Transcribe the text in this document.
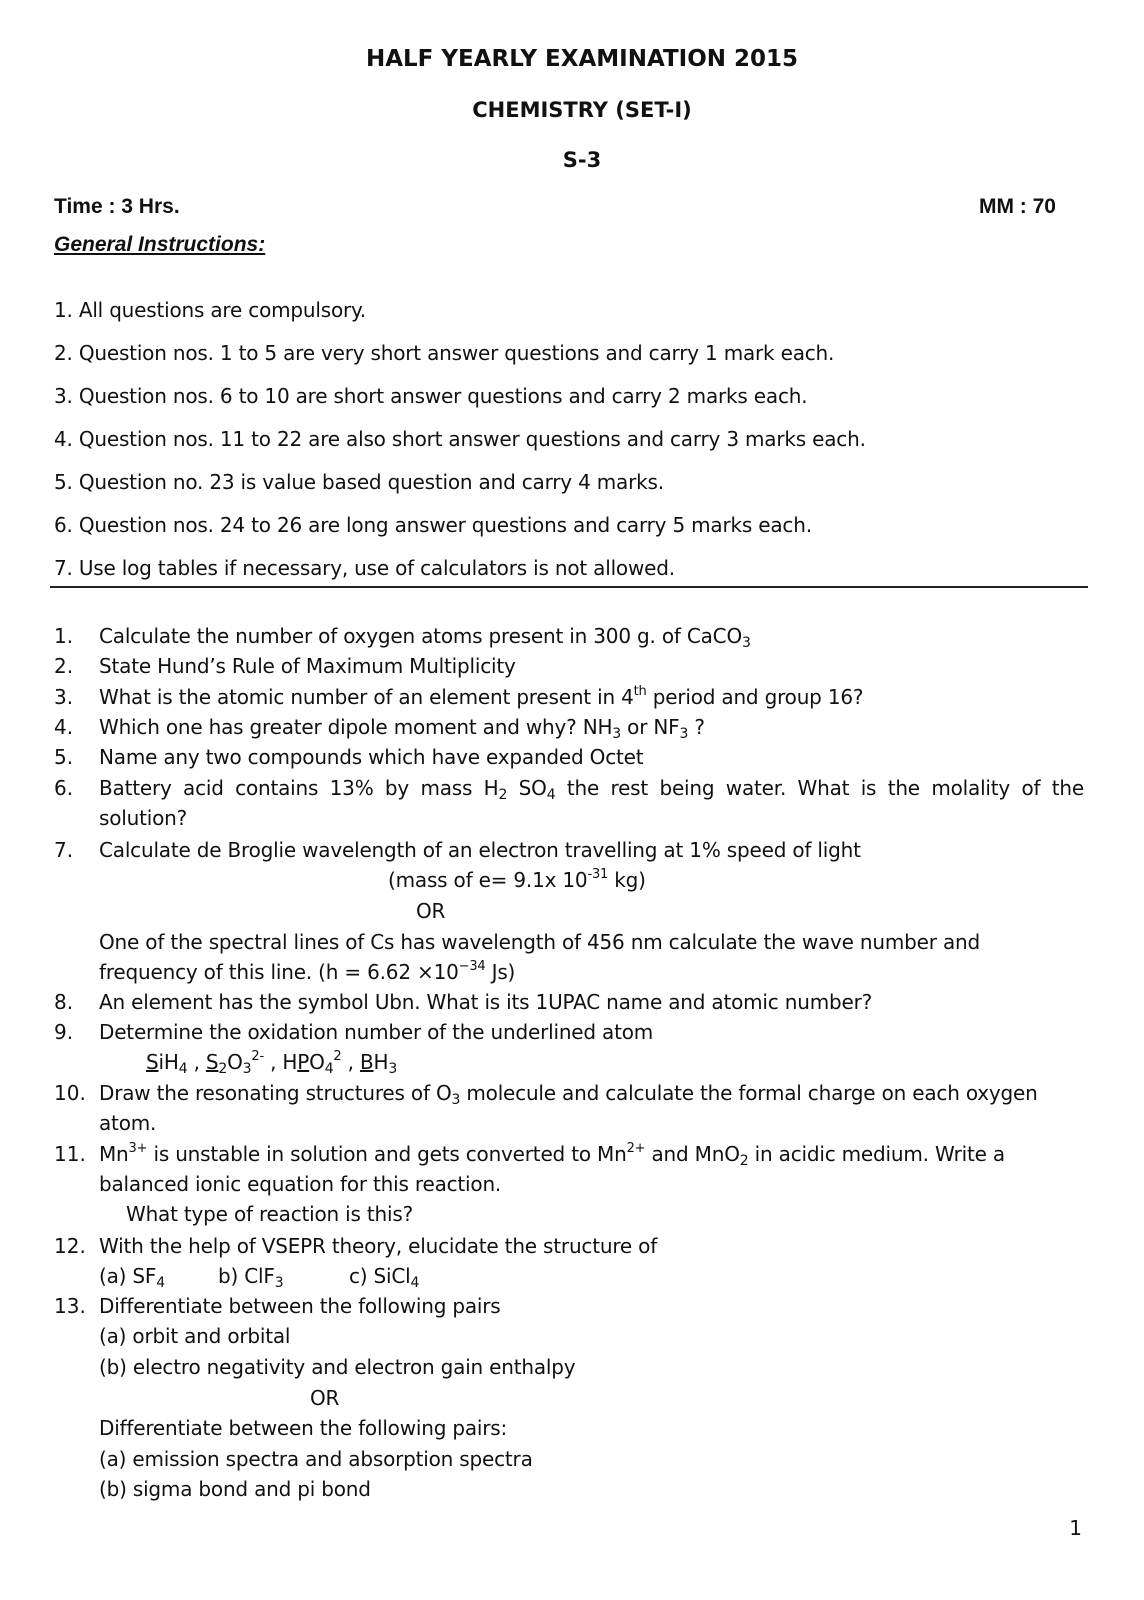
HALF YEARLY EXAMINATION 2015
CHEMISTRY (SET-I)
S-3
Time : 3 Hrs.	MM : 70
General Instructions:
1. All questions are compulsory.
2. Question nos. 1 to 5 are very short answer questions and carry 1 mark each.
3. Question nos. 6 to 10 are short answer questions and carry 2 marks each.
4. Question nos. 11 to 22 are also short answer questions and carry 3 marks each.
5. Question no. 23 is value based question and carry 4 marks.
6. Question nos. 24 to 26 are long answer questions and carry 5 marks each.
7. Use log tables if necessary, use of calculators is not allowed.
1. Calculate the number of oxygen atoms present in 300 g. of CaCO$_3$
2. State Hund’s Rule of Maximum Multiplicity
3. What is the atomic number of an element present in 4th period and group 16?
4. Which one has greater dipole moment and why? $NH_3$ or $NF_3$ ?
5. Name any two compounds which have expanded Octet
6. Battery acid contains 13% by mass $H_2$ $SO_4$ the rest being water. What is the molality of the
solution?
7. Calculate de Broglie wavelength of an electron travelling at 1% speed of light
(mass of e= 9.1x $10^{-31}$ kg)
OR
One of the spectral lines of Cs has wavelength of 456 nm calculate the wave number and
frequency of this line. ($h = 6.62 \times 10^{-34}$ Js)
8. An element has the symbol Ubn. What is its 1UPAC name and atomic number?
9. Determine the oxidation number of the underlined atom
SiH$_4$ , $S_2O_3^{2-}$ , $HPO_4^2$ , $BH_3$
10. Draw the resonating structures of $O_3$ molecule and calculate the formal charge on each oxygen
atom.
11. $Mn^{3+}$ is unstable in solution and gets converted to $Mn^{2+}$ and MnO$_2$ in acidic medium. Write a
balanced ionic equation for this reaction.
What type of reaction is this?
12. With the help of VSEPR theory, elucidate the structure of
(a) $SF_4$	b) ClF$_3$	c) SiCl$_4$
13. Differentiate between the following pairs
(a) orbit and orbital
(b) electro negativity and electron gain enthalpy
OR
Differentiate between the following pairs:
(a) emission spectra and absorption spectra
(b) sigma bond and pi bond
1
